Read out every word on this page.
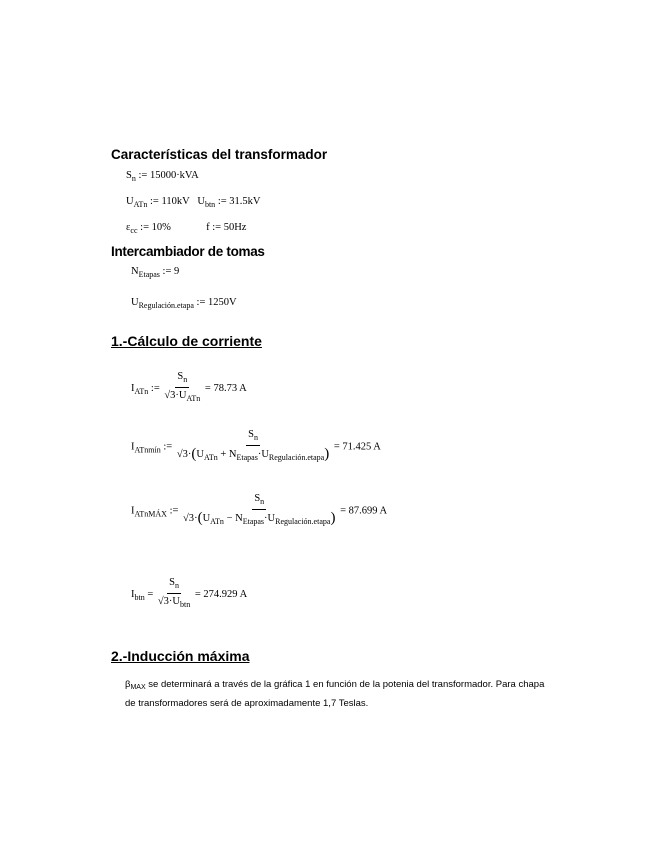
Características del transformador
$S_n$ := 15000·kVA
$U_{ATn}$ := 110kV $U_{btn}$ := 31.5kV
$\varepsilon_{cc}$ := 10%	f := 50Hz
Intercambiador de tomas
$N_{Etapas}$ := 9
$U_{Regulación.etapa}$ := 1250V
1.-Cálculo de corriente
$I_{ATn}$ := $\frac{S_n}{√3\cdot U_{ATn}} = 78.73$ A
$I_{ATnmín}$ := $\frac{S_n}{√3\cdot(U_{ATn} + N_{Etapas}\cdot U_{Regulación.etapa})} = 71.425$ A
$I_{ATnMÁX}$ := $\frac{S_n}{√3\cdot(U_{ATn} - N_{Etapas}\cdot U_{Regulación.etapa})} = 87.699$ A
$I_{btn} = \frac{S_n}{√3\cdot U_{btn}} = 274.929$ A
2.-Inducción máxima
$\beta_{MAX}$ se determinará a través de la gráfica 1 en función de la potenia del transformador. Para chapa de transformadores será de aproximadamente 1,7 Teslas.
